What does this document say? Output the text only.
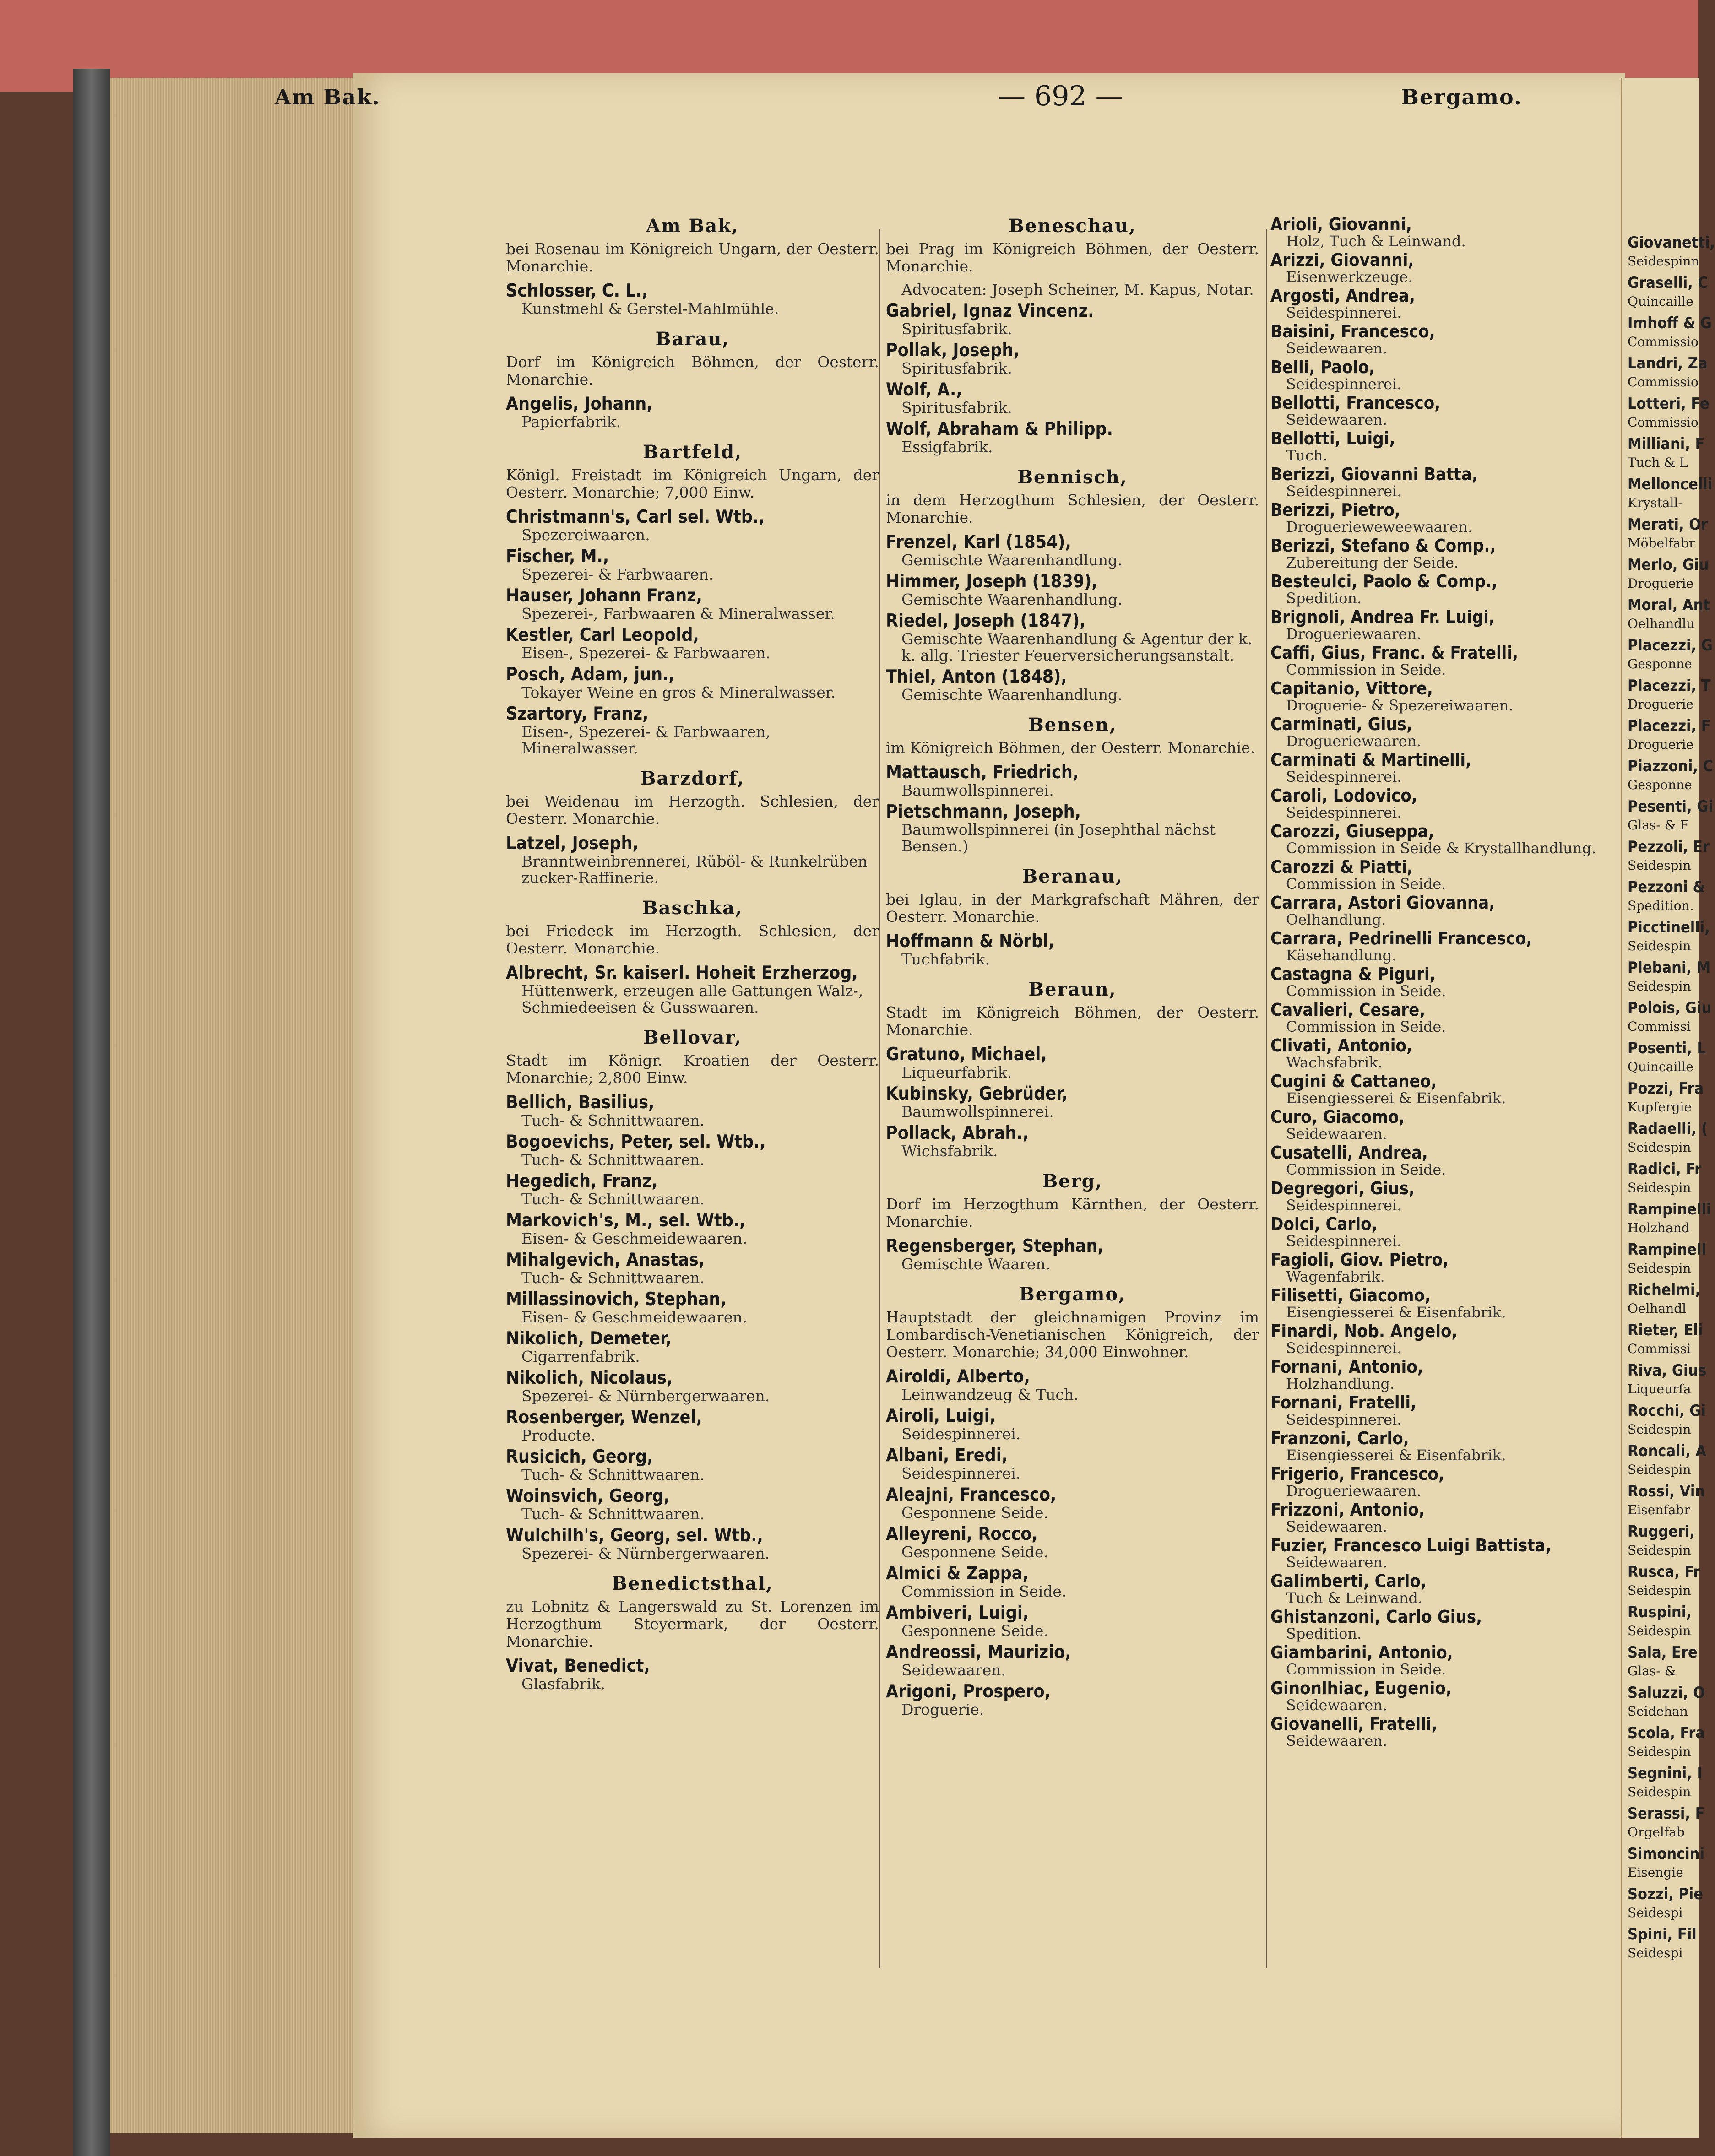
Am Bak.	— 692 —	Bergamo.
Am Bak,
bei Rosenau im Königreich Ungarn, der Oesterr. Monarchie.
Schlosser, C. L.,
Kunstmehl & Gerstel-Mahlmühle.
Barau,
Dorf im Königreich Böhmen, der Oesterr. Monarchie.
Angelis, Johann,
Papierfabrik.
Bartfeld,
Königl. Freistadt im Königreich Ungarn, der Oesterr. Monarchie; 7,000 Einw.
Christmann's, Carl sel. Wtb.,
Spezereiwaaren.
Fischer, M.,
Spezerei- & Farbwaaren.
Hauser, Johann Franz,
Spezerei-, Farbwaaren & Mineralwasser.
Kestler, Carl Leopold,
Eisen-, Spezerei- & Farbwaaren.
Posch, Adam, jun.,
Tokayer Weine en gros & Mineralwasser.
Szartory, Franz,
Eisen-, Spezerei- & Farbwaaren, Mineralwasser.
Barzdorf,
bei Weidenau im Herzogth. Schlesien, der Oesterr. Monarchie.
Latzel, Joseph,
Branntweinbrennerei, Rüböl- & Runkelrüben zucker-Raffinerie.
Baschka,
bei Friedeck im Herzogth. Schlesien, der Oesterr. Monarchie.
Albrecht, Sr. kaiserl. Hoheit Erzherzog,
Hüttenwerk, erzeugen alle Gattungen Walz-, Schmiedeeisen & Gusswaaren.
Bellovar,
Stadt im Königr. Kroatien der Oesterr. Monarchie; 2,800 Einw.
Bellich, Basilius,
Tuch- & Schnittwaaren.
Bogoevichs, Peter, sel. Wtb.,
Tuch- & Schnittwaaren.
Hegedich, Franz,
Tuch- & Schnittwaaren.
Markovich's, M., sel. Wtb.,
Eisen- & Geschmeidewaaren.
Mihalgevich, Anastas,
Tuch- & Schnittwaaren.
Millassinovich, Stephan,
Eisen- & Geschmeidewaaren.
Nikolich, Demeter,
Cigarrenfabrik.
Nikolich, Nicolaus,
Spezerei- & Nürnbergerwaaren.
Rosenberger, Wenzel,
Producte.
Rusicich, Georg,
Tuch- & Schnittwaaren.
Woinsvich, Georg,
Tuch- & Schnittwaaren.
Wulchilh's, Georg, sel. Wtb.,
Spezerei- & Nürnbergerwaaren.
Benedictsthal,
zu Lobnitz & Langerswald zu St. Lorenzen im Herzogthum Steyermark, der Oesterr. Monarchie.
Vivat, Benedict,
Glasfabrik.
Beneschau,
bei Prag im Königreich Böhmen, der Oesterr. Monarchie.
Advocaten: Joseph Scheiner, M. Kapus, Notar.
Gabriel, Ignaz Vincenz.
Spiritusfabrik.
Pollak, Joseph,
Spiritusfabrik.
Wolf, A.,
Spiritusfabrik.
Wolf, Abraham & Philipp.
Essigfabrik.
Bennisch,
in dem Herzogthum Schlesien, der Oesterr. Monarchie.
Frenzel, Karl (1854),
Gemischte Waarenhandlung.
Himmer, Joseph (1839),
Gemischte Waarenhandlung.
Riedel, Joseph (1847),
Gemischte Waarenhandlung & Agentur der k. k. allg. Triester Feuerversicherungsanstalt.
Thiel, Anton (1848),
Gemischte Waarenhandlung.
Bensen,
im Königreich Böhmen, der Oesterr. Monarchie.
Mattausch, Friedrich,
Baumwollspinnerei.
Pietschmann, Joseph,
Baumwollspinnerei (in Josephthal nächst Bensen.)
Beranau,
bei Iglau, in der Markgrafschaft Mähren, der Oesterr. Monarchie.
Hoffmann & Nörbl,
Tuchfabrik.
Beraun,
Stadt im Königreich Böhmen, der Oesterr. Monarchie.
Gratuno, Michael,
Liqueurfabrik.
Kubinsky, Gebrüder,
Baumwollspinnerei.
Pollack, Abrah.,
Wichsfabrik.
Berg,
Dorf im Herzogthum Kärnthen, der Oesterr. Monarchie.
Regensberger, Stephan,
Gemischte Waaren.
Bergamo,
Hauptstadt der gleichnamigen Provinz im Lombardisch-Venetianischen Königreich, der Oesterr. Monarchie; 34,000 Einwohner.
Airoldi, Alberto,
Leinwandzeug & Tuch.
Airoli, Luigi,
Seidespinnerei.
Albani, Eredi,
Seidespinnerei.
Aleajni, Francesco,
Gesponnene Seide.
Alleyreni, Rocco,
Gesponnene Seide.
Almici & Zappa,
Commission in Seide.
Ambiveri, Luigi,
Gesponnene Seide.
Andreossi, Maurizio,
Seidewaaren.
Arigoni, Prospero,
Droguerie.
Arioli, Giovanni,
Holz, Tuch & Leinwand.
Arizzi, Giovanni,
Eisenwerkzeuge.
Argosti, Andrea,
Seidespinnerei.
Baisini, Francesco,
Seidewaaren.
Belli, Paolo,
Seidespinnerei.
Bellotti, Francesco,
Seidewaaren.
Bellotti, Luigi,
Tuch.
Berizzi, Giovanni Batta,
Seidespinnerei.
Berizzi, Pietro,
Droguerieweweewaaren.
Berizzi, Stefano & Comp.,
Zubereitung der Seide.
Besteulci, Paolo & Comp.,
Spedition.
Brignoli, Andrea Fr. Luigi,
Drogueriewaaren.
Caffi, Gius, Franc. & Fratelli,
Commission in Seide.
Capitanio, Vittore,
Droguerie- & Spezereiwaaren.
Carminati, Gius,
Drogueriewaaren.
Carminati & Martinelli,
Seidespinnerei.
Caroli, Lodovico,
Seidespinnerei.
Carozzi, Giuseppa,
Commission in Seide & Krystallhandlung.
Carozzi & Piatti,
Commission in Seide.
Carrara, Astori Giovanna,
Oelhandlung.
Carrara, Pedrinelli Francesco,
Käsehandlung.
Castagna & Piguri,
Commission in Seide.
Cavalieri, Cesare,
Commission in Seide.
Clivati, Antonio,
Wachsfabrik.
Cugini & Cattaneo,
Eisengiesserei & Eisenfabrik.
Curo, Giacomo,
Seidewaaren.
Cusatelli, Andrea,
Commission in Seide.
Degregori, Gius,
Seidespinnerei.
Dolci, Carlo,
Seidespinnerei.
Fagioli, Giov. Pietro,
Wagenfabrik.
Filisetti, Giacomo,
Eisengiesserei & Eisenfabrik.
Finardi, Nob. Angelo,
Seidespinnerei.
Fornani, Antonio,
Holzhandlung.
Fornani, Fratelli,
Seidespinnerei.
Franzoni, Carlo,
Eisengiesserei & Eisenfabrik.
Frigerio, Francesco,
Drogueriewaaren.
Frizzoni, Antonio,
Seidewaaren.
Fuzier, Francesco Luigi Battista,
Seidewaaren.
Galimberti, Carlo,
Tuch & Leinwand.
Ghistanzoni, Carlo Gius,
Spedition.
Giambarini, Antonio,
Commission in Seide.
Ginonlhiac, Eugenio,
Seidewaaren.
Giovanelli, Fratelli,
Seidewaaren.
Giovanetti,
Seidespinn
Graselli, C
Quincaille
Imhoff & G
Commissio
Landri, Za
Commissio
Lotteri, Fe
Commissio
Milliani, F
Tuch & L
Melloncelli
Krystall-
Merati, Or
Möbelfabr
Merlo, Giu
Droguerie
Moral, Ant
Oelhandlu
Placezzi, G
Gesponne
Placezzi, T
Droguerie
Placezzi, F
Droguerie
Piazzoni, C
Gesponne
Pesenti, Gi
Glas- & F
Pezzoli, Er
Seidespin
Pezzoni &
Spedition.
Picctinelli,
Seidespin
Plebani, M
Seidespin
Polois, Giu
Commissi
Posenti, L
Quincaille
Pozzi, Fra
Kupfergie
Radaelli, (
Seidespin
Radici, Fr
Seidespin
Rampinelli
Holzhand
Rampinell
Seidespin
Richelmi,
Oelhandl
Rieter, Eli
Commissi
Riva, Gius
Liqueurfa
Rocchi, Gi
Seidespin
Roncali, A
Seidespin
Rossi, Vin
Eisenfabr
Ruggeri,
Seidespin
Rusca, Fr
Seidespin
Ruspini,
Seidespin
Sala, Ere
Glas- &
Saluzzi, O
Seidehan
Scola, Fra
Seidespin
Segnini, I
Seidespin
Serassi, F
Orgelfab
Simoncini
Eisengie
Sozzi, Pie
Seidespi
Spini, Fil
Seidespi
